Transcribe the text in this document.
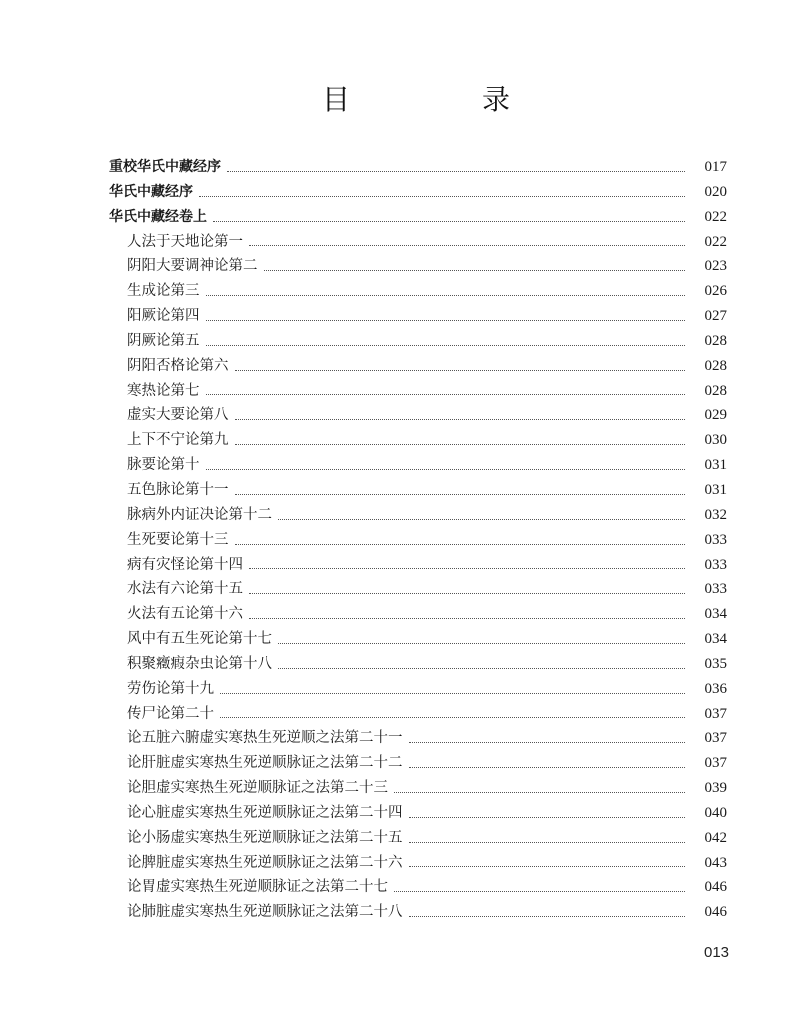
目　录
重校华氏中藏经序	017
华氏中藏经序	020
华氏中藏经卷上	022
人法于天地论第一	022
阴阳大要调神论第二	023
生成论第三	026
阳厥论第四	027
阴厥论第五	028
阴阳否格论第六	028
寒热论第七	028
虚实大要论第八	029
上下不宁论第九	030
脉要论第十	031
五色脉论第十一	031
脉病外内证决论第十二	032
生死要论第十三	033
病有灾怪论第十四	033
水法有六论第十五	033
火法有五论第十六	034
风中有五生死论第十七	034
积聚癥瘕杂虫论第十八	035
劳伤论第十九	036
传尸论第二十	037
论五脏六腑虚实寒热生死逆顺之法第二十一	037
论肝脏虚实寒热生死逆顺脉证之法第二十二	037
论胆虚实寒热生死逆顺脉证之法第二十三	039
论心脏虚实寒热生死逆顺脉证之法第二十四	040
论小肠虚实寒热生死逆顺脉证之法第二十五	042
论脾脏虚实寒热生死逆顺脉证之法第二十六	043
论胃虚实寒热生死逆顺脉证之法第二十七	046
论肺脏虚实寒热生死逆顺脉证之法第二十八	046
013
